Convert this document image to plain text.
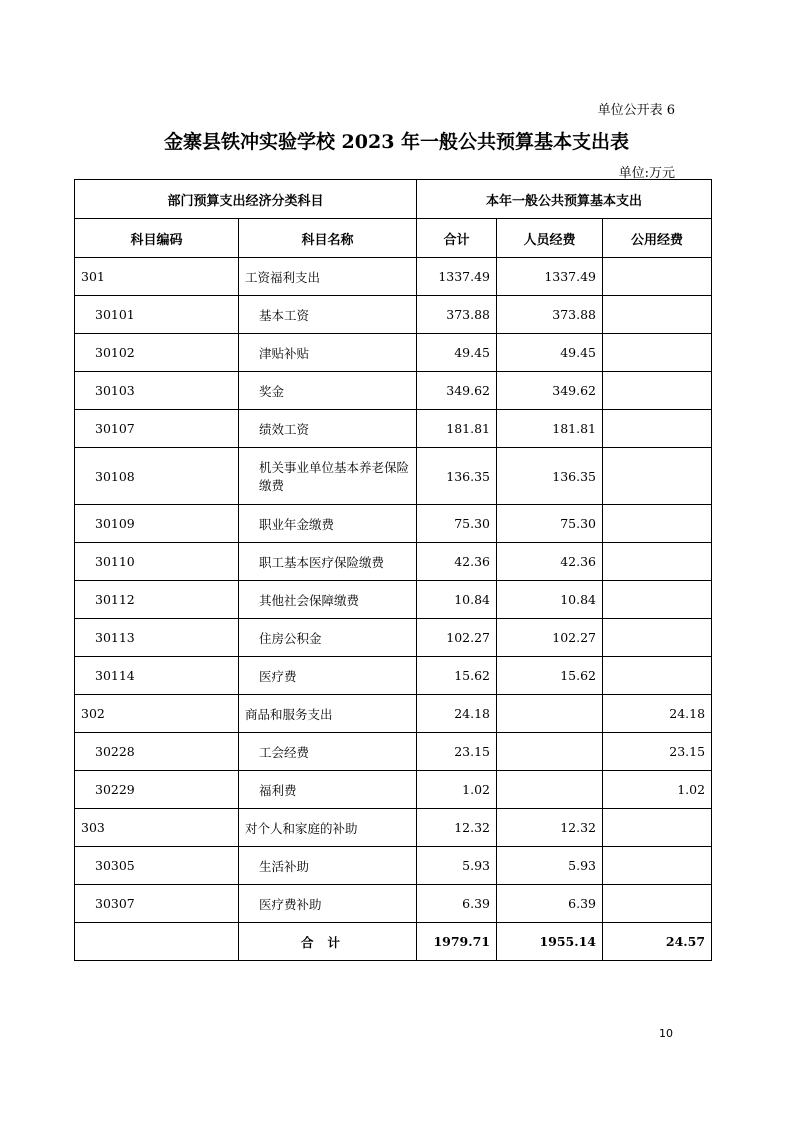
单位公开表 6
金寨县铁冲实验学校 2023 年一般公共预算基本支出表
单位:万元
部门预算支出经济分类科目		本年一般公共预算基本支出		
科目编码	科目名称	合计	人员经费	公用经费
301	工资福利支出	1337.49	1337.49	
30101	基本工资	373.88	373.88	
30102	津贴补贴	49.45	49.45	
30103	奖金	349.62	349.62	
30107	绩效工资	181.81	181.81	
30108	机关事业单位基本养老保险缴费	136.35	136.35	
30109	职业年金缴费	75.30	75.30	
30110	职工基本医疗保险缴费	42.36	42.36	
30112	其他社会保障缴费	10.84	10.84	
30113	住房公积金	102.27	102.27	
30114	医疗费	15.62	15.62	
302	商品和服务支出	24.18		24.18
30228	工会经费	23.15		23.15
30229	福利费	1.02		1.02
303	对个人和家庭的补助	12.32	12.32	
30305	生活补助	5.93	5.93	
30307	医疗费补助	6.39	6.39	
	合计	1979.71	1955.14	24.57
10
